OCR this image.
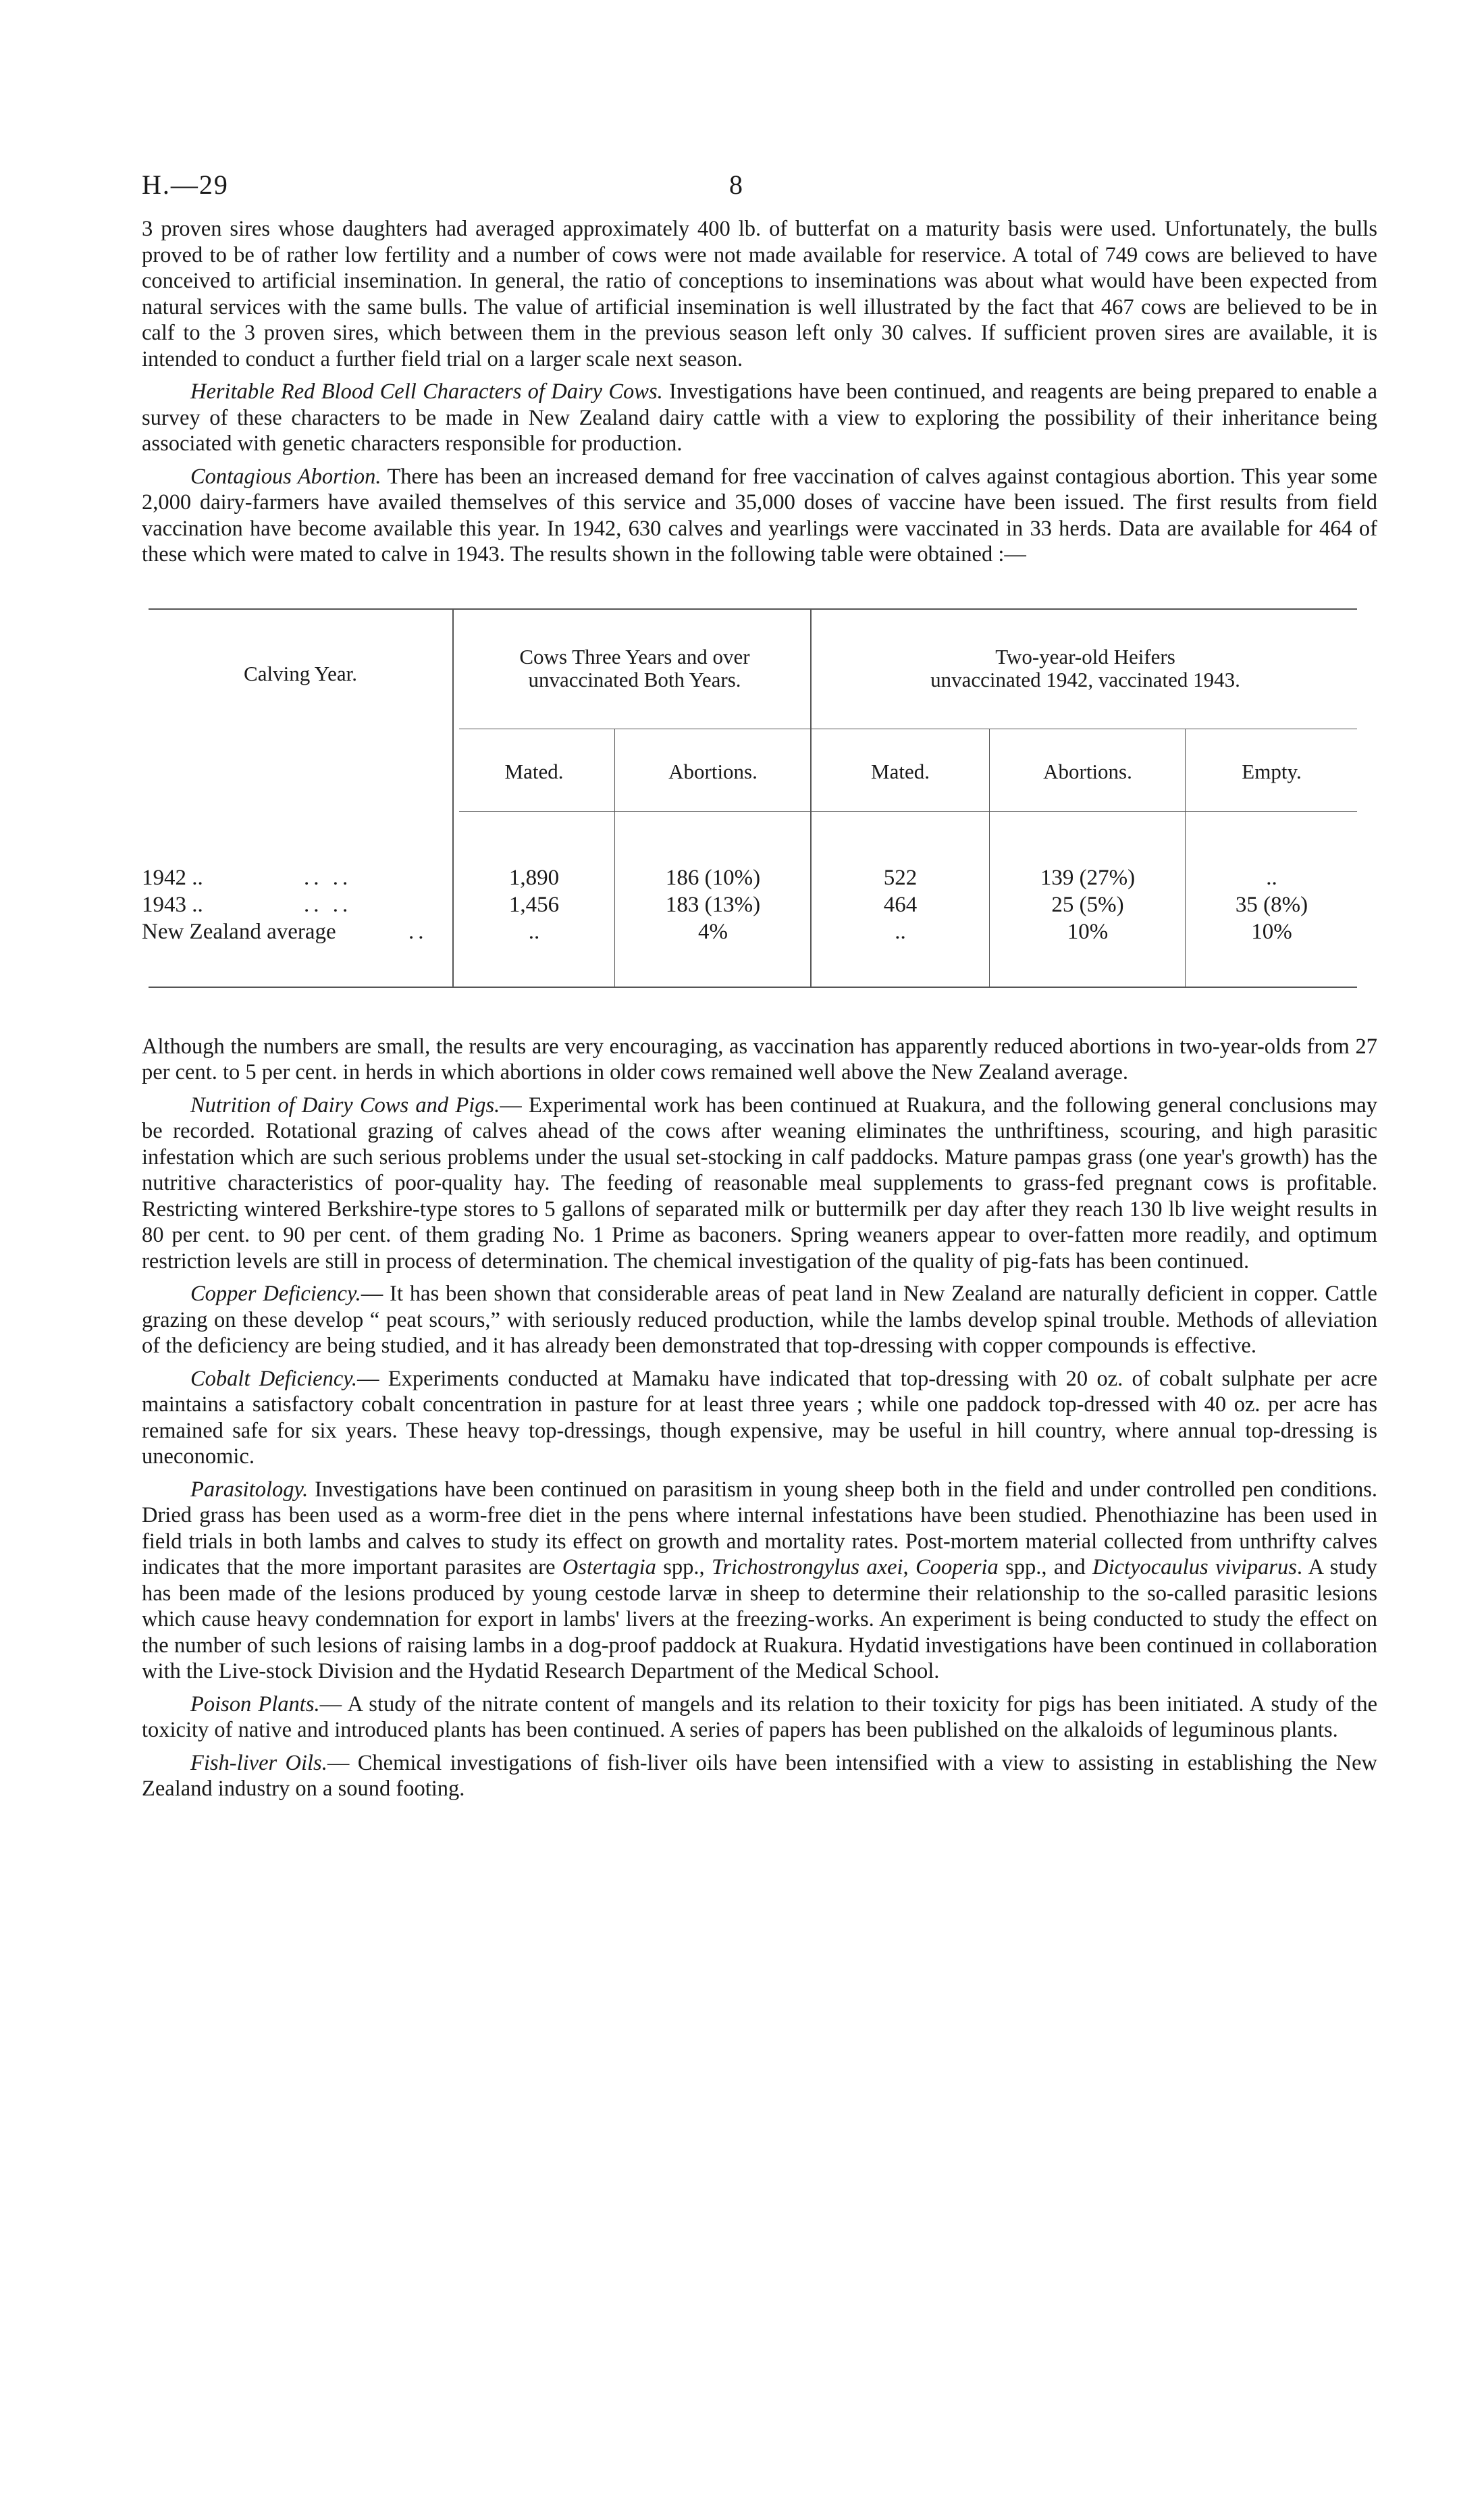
H.—29	8

3 proven sires whose daughters had averaged approximately 400 lb. of butterfat on a maturity basis were used. Unfortunately, the bulls proved to be of rather low fertility and a number of cows were not made available for reservice. A total of 749 cows are believed to have conceived to artificial insemination. In general, the ratio of conceptions to inseminations was about what would have been expected from natural services with the same bulls. The value of artificial insemination is well illustrated by the fact that 467 cows are believed to be in calf to the 3 proven sires, which between them in the previous season left only 30 calves. If sufficient proven sires are available, it is intended to conduct a further field trial on a larger scale next season.

Heritable Red Blood Cell Characters of Dairy Cows. Investigations have been continued, and reagents are being prepared to enable a survey of these characters to be made in New Zealand dairy cattle with a view to exploring the possibility of their inheritance being associated with genetic characters responsible for production.

Contagious Abortion. There has been an increased demand for free vaccination of calves against contagious abortion. This year some 2,000 dairy-farmers have availed themselves of this service and 35,000 doses of vaccine have been issued. The first results from field vaccination have become available this year. In 1942, 630 calves and yearlings were vaccinated in 33 herds. Data are available for 464 of these which were mated to calve in 1943. The results shown in the following table were obtained :—

Calving Year.
Cows Three Years and over
unvaccinated Both Years.
Two-year-old Heifers
unvaccinated 1942, vaccinated 1943.
Mated.	Abortions.	Mated.	Abortions.	Empty.
1942 ..	.. ..	1,890	186 (10%)	522	139 (27%)	..
1943 ..	.. ..	1,456	183 (13%)	464	25 (5%)	35 (8%)
New Zealand average	..	..	4%	..	10%	10%

Although the numbers are small, the results are very encouraging, as vaccination has apparently reduced abortions in two-year-olds from 27 per cent. to 5 per cent. in herds in which abortions in older cows remained well above the New Zealand average.

Nutrition of Dairy Cows and Pigs.— Experimental work has been continued at Ruakura, and the following general conclusions may be recorded. Rotational grazing of calves ahead of the cows after weaning eliminates the unthriftiness, scouring, and high parasitic infestation which are such serious problems under the usual set-stocking in calf paddocks. Mature pampas grass (one year's growth) has the nutritive characteristics of poor-quality hay. The feeding of reasonable meal supplements to grass-fed pregnant cows is profitable. Restricting wintered Berkshire-type stores to 5 gallons of separated milk or buttermilk per day after they reach 130 lb live weight results in 80 per cent. to 90 per cent. of them grading No. 1 Prime as baconers. Spring weaners appear to over-fatten more readily, and optimum restriction levels are still in process of determination. The chemical investigation of the quality of pig-fats has been continued.

Copper Deficiency.— It has been shown that considerable areas of peat land in New Zealand are naturally deficient in copper. Cattle grazing on these develop “ peat scours,” with seriously reduced production, while the lambs develop spinal trouble. Methods of alleviation of the deficiency are being studied, and it has already been demonstrated that top-dressing with copper compounds is effective.

Cobalt Deficiency.— Experiments conducted at Mamaku have indicated that top-dressing with 20 oz. of cobalt sulphate per acre maintains a satisfactory cobalt concentration in pasture for at least three years ; while one paddock top-dressed with 40 oz. per acre has remained safe for six years. These heavy top-dressings, though expensive, may be useful in hill country, where annual top-dressing is uneconomic.

Parasitology. Investigations have been continued on parasitism in young sheep both in the field and under controlled pen conditions. Dried grass has been used as a worm-free diet in the pens where internal infestations have been studied. Phenothiazine has been used in field trials in both lambs and calves to study its effect on growth and mortality rates. Post-mortem material collected from unthrifty calves indicates that the more important parasites are Ostertagia spp., Trichostrongylus axei, Cooperia spp., and Dictyocaulus viviparus. A study has been made of the lesions produced by young cestode larvæ in sheep to determine their relationship to the so-called parasitic lesions which cause heavy condemnation for export in lambs' livers at the freezing-works. An experiment is being conducted to study the effect on the number of such lesions of raising lambs in a dog-proof paddock at Ruakura. Hydatid investigations have been continued in collaboration with the Live-stock Division and the Hydatid Research Department of the Medical School.

Poison Plants.— A study of the nitrate content of mangels and its relation to their toxicity for pigs has been initiated. A study of the toxicity of native and introduced plants has been continued. A series of papers has been published on the alkaloids of leguminous plants.

Fish-liver Oils.— Chemical investigations of fish-liver oils have been intensified with a view to assisting in establishing the New Zealand industry on a sound footing.
